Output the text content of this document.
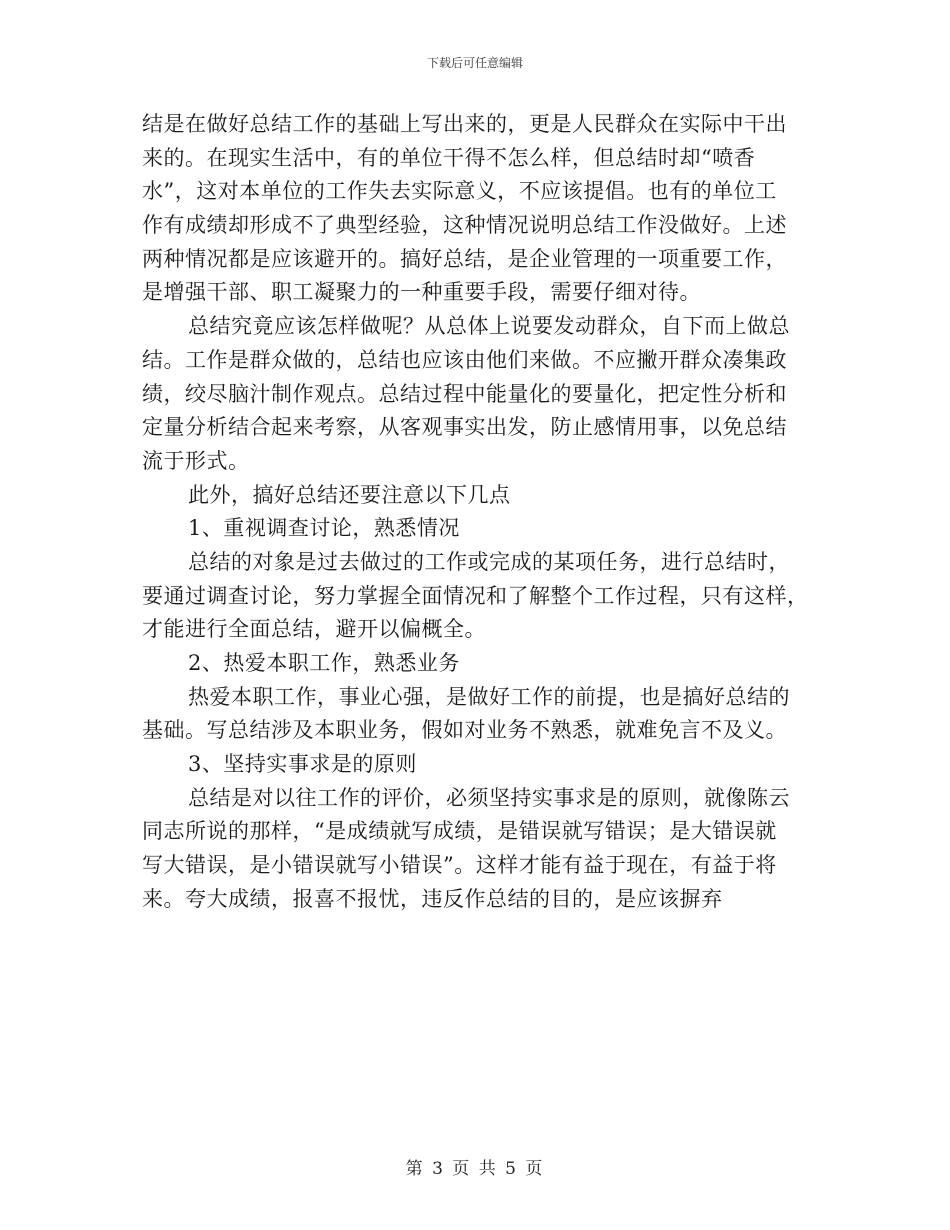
下载后可任意编辑
结是在做好总结工作的基础上写出来的，更是人民群众在实际中干出
来的。在现实生活中，有的单位干得不怎么样，但总结时却“喷香
水”，这对本单位的工作失去实际意义，不应该提倡。也有的单位工
作有成绩却形成不了典型经验，这种情况说明总结工作没做好。上述
两种情况都是应该避开的。搞好总结，是企业管理的一项重要工作，
是增强干部、职工凝聚力的一种重要手段，需要仔细对待。
总结究竟应该怎样做呢？从总体上说要发动群众，自下而上做总
结。工作是群众做的，总结也应该由他们来做。不应撇开群众凑集政
绩，绞尽脑汁制作观点。总结过程中能量化的要量化，把定性分析和
定量分析结合起来考察，从客观事实出发，防止感情用事，以免总结
流于形式。
此外，搞好总结还要注意以下几点
1、重视调查讨论，熟悉情况
总结的对象是过去做过的工作或完成的某项任务，进行总结时，
要通过调查讨论，努力掌握全面情况和了解整个工作过程，只有这样，
才能进行全面总结，避开以偏概全。
2、热爱本职工作，熟悉业务
热爱本职工作，事业心强，是做好工作的前提，也是搞好总结的
基础。写总结涉及本职业务，假如对业务不熟悉，就难免言不及义。
3、坚持实事求是的原则
总结是对以往工作的评价，必须坚持实事求是的原则，就像陈云
同志所说的那样，“是成绩就写成绩，是错误就写错误；是大错误就
写大错误，是小错误就写小错误”。这样才能有益于现在，有益于将
来。夸大成绩，报喜不报忧，违反作总结的目的，是应该摒弃
第 3 页 共 5 页
